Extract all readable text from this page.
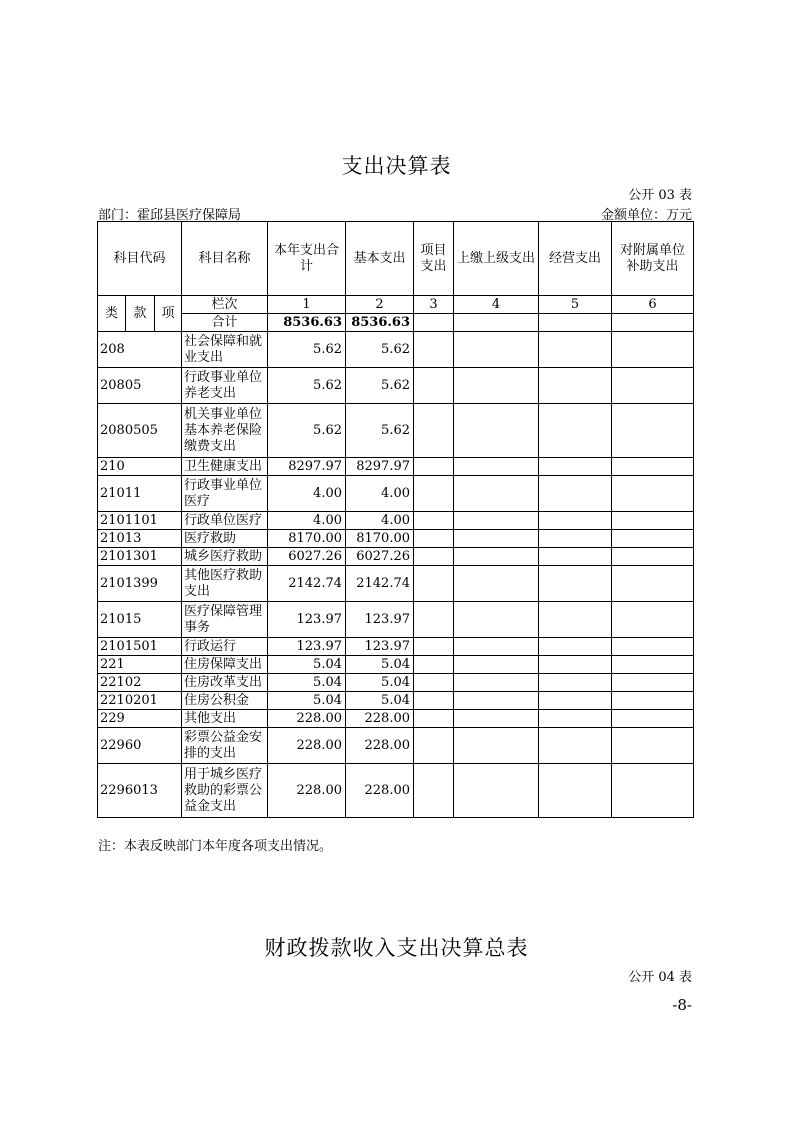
支出决算表
公开 03 表
部门：霍邱县医疗保障局	金额单位：万元
科目代码			科目名称	本年支出合计	基本支出	项目支出	上缴上级支出	经营支出	对附属单位补助支出
类	款	项	栏次	1	2	3	4	5	6
			合计	8536.63	8536.63				
208			社会保障和就业支出	5.62	5.62				
20805			行政事业单位养老支出	5.62	5.62				
2080505			机关事业单位基本养老保险缴费支出	5.62	5.62				
210			卫生健康支出	8297.97	8297.97				
21011			行政事业单位医疗	4.00	4.00				
2101101			行政单位医疗	4.00	4.00				
21013			医疗救助	8170.00	8170.00				
2101301			城乡医疗救助	6027.26	6027.26				
2101399			其他医疗救助支出	2142.74	2142.74				
21015			医疗保障管理事务	123.97	123.97				
2101501			行政运行	123.97	123.97				
221			住房保障支出	5.04	5.04				
22102			住房改革支出	5.04	5.04				
2210201			住房公积金	5.04	5.04				
229			其他支出	228.00	228.00				
22960			彩票公益金安排的支出	228.00	228.00				
2296013			用于城乡医疗救助的彩票公益金支出	228.00	228.00				
注：本表反映部门本年度各项支出情况。
财政拨款收入支出决算总表
公开 04 表
-8-
